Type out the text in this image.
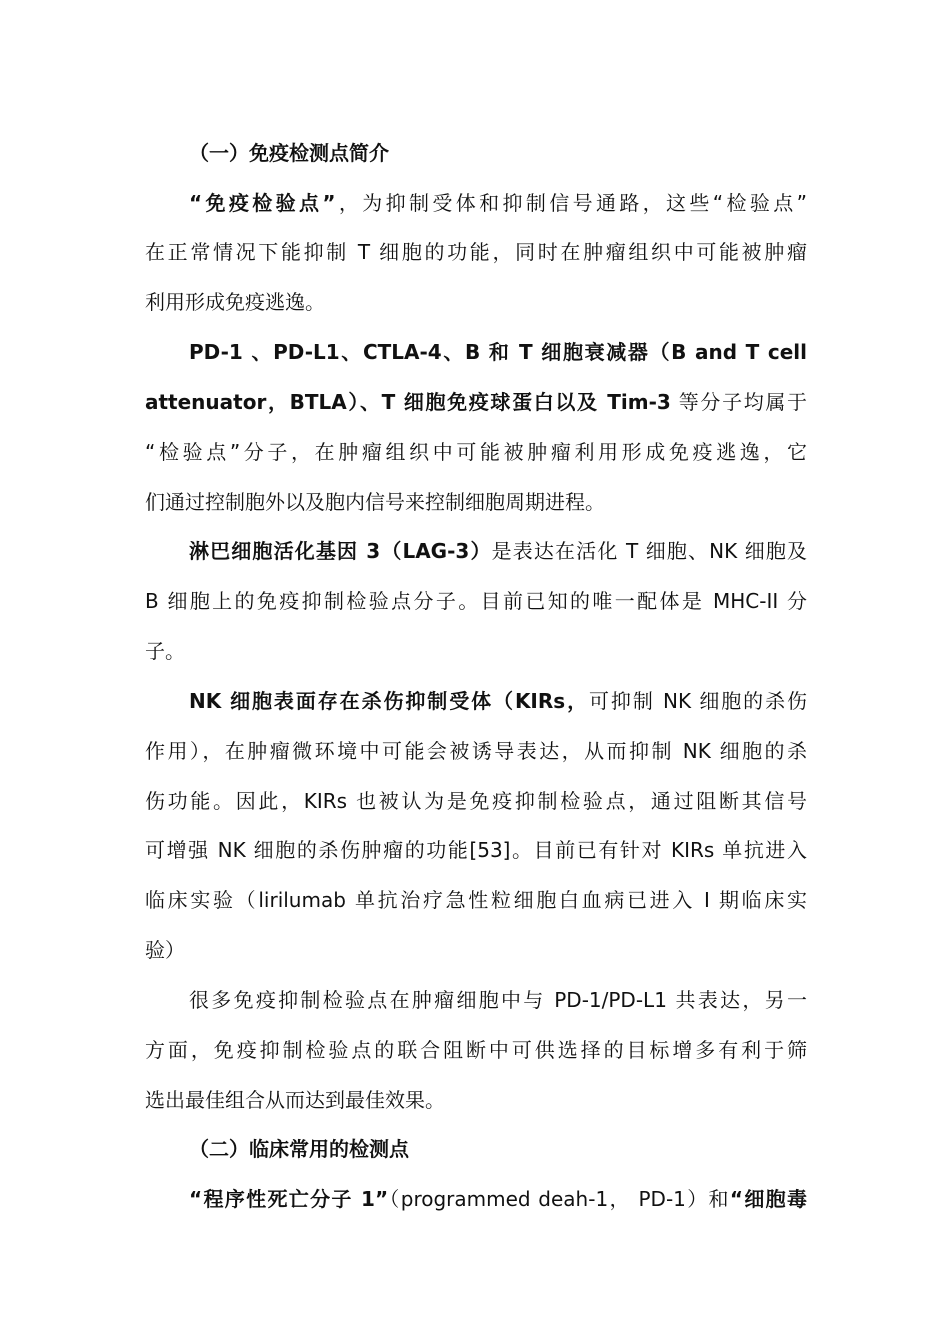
（一）免疫检测点简介
“免疫检验点”，为抑制受体和抑制信号通路，这些“检验点”
在正常情况下能抑制 T 细胞的功能，同时在肿瘤组织中可能被肿瘤
利用形成免疫逃逸。
PD-1 、PD-L1、CTLA-4、B 和 T 细胞衰减器（B and T cell
attenuator，BTLA）、T 细胞免疫球蛋白以及 Tim-3 等分子均属于
“检验点”分子，在肿瘤组织中可能被肿瘤利用形成免疫逃逸，它
们通过控制胞外以及胞内信号来控制细胞周期进程。
淋巴细胞活化基因 3（LAG-3）是表达在活化 T 细胞、NK 细胞及
B 细胞上的免疫抑制检验点分子。目前已知的唯一配体是 MHC-II 分
子。
NK 细胞表面存在杀伤抑制受体（KIRs，可抑制 NK 细胞的杀伤
作用），在肿瘤微环境中可能会被诱导表达，从而抑制 NK 细胞的杀
伤功能。因此，KIRs 也被认为是免疫抑制检验点，通过阻断其信号
可增强 NK 细胞的杀伤肿瘤的功能[53]。目前已有针对 KIRs 单抗进入
临床实验（lirilumab 单抗治疗急性粒细胞白血病已进入 I 期临床实
验）
很多免疫抑制检验点在肿瘤细胞中与 PD-1/PD-L1 共表达，另一
方面，免疫抑制检验点的联合阻断中可供选择的目标增多有利于筛
选出最佳组合从而达到最佳效果。
（二）临床常用的检测点
“程序性死亡分子 1”（programmed deah-1， PD-1）和“细胞毒
